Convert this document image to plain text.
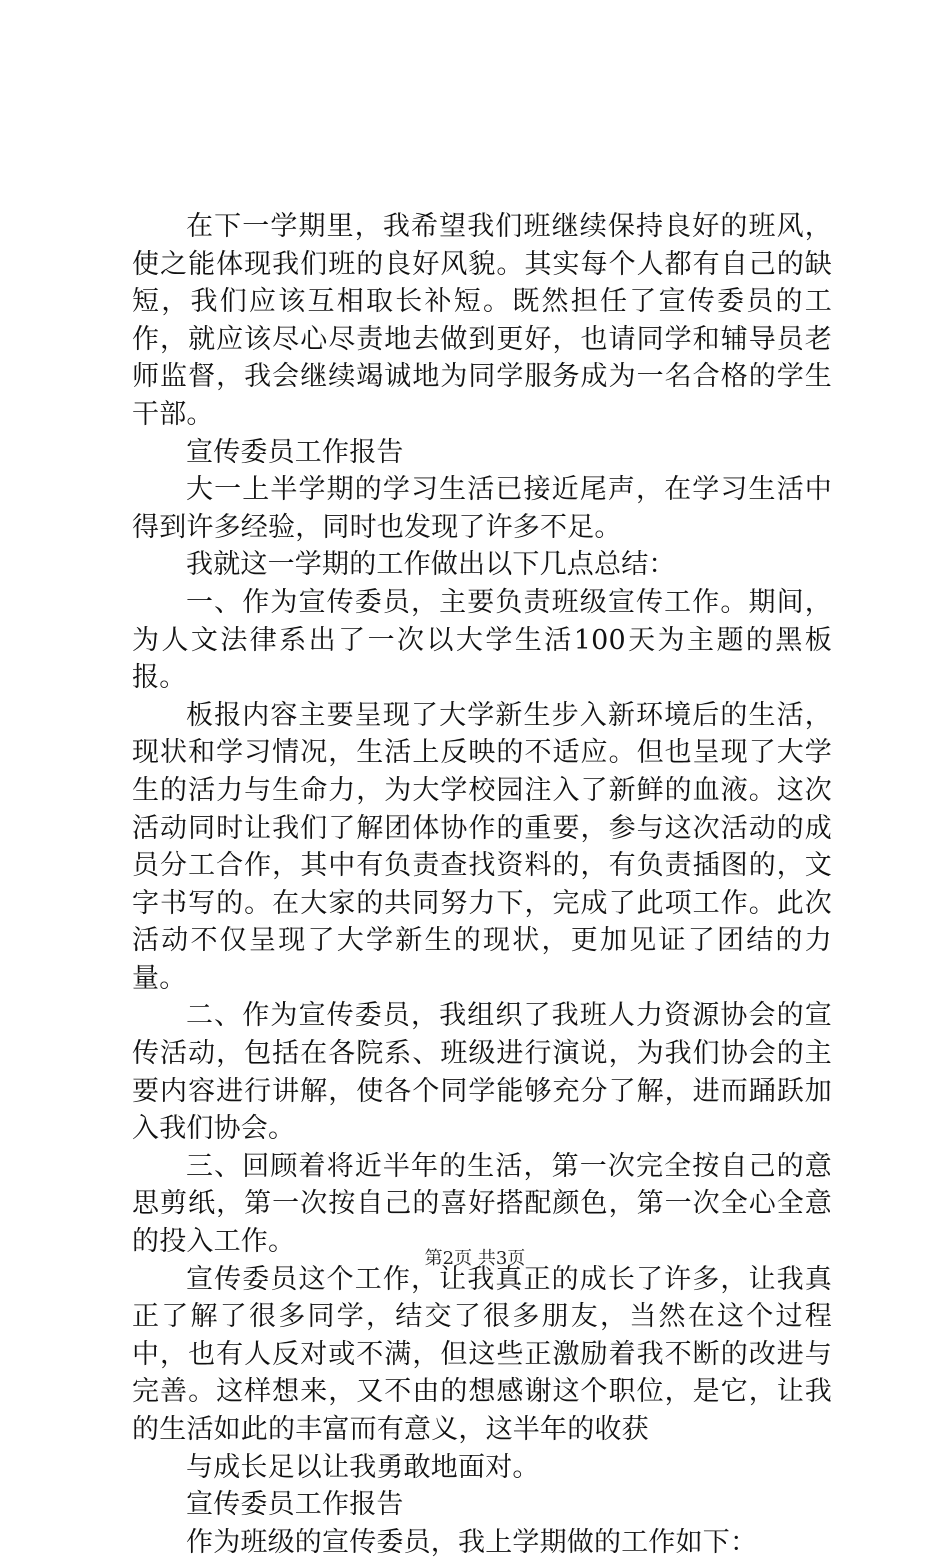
在下一学期里，我希望我们班继续保持良好的班风，使之能体现我们班的良好风貌。其实每个人都有自己的缺短，我们应该互相取长补短。既然担任了宣传委员的工作，就应该尽心尽责地去做到更好，也请同学和辅导员老师监督，我会继续竭诚地为同学服务成为一名合格的学生干部。

宣传委员工作报告

大一上半学期的学习生活已接近尾声，在学习生活中得到许多经验，同时也发现了许多不足。

我就这一学期的工作做出以下几点总结：

一、作为宣传委员，主要负责班级宣传工作。期间，为人文法律系出了一次以大学生活100天为主题的黑板报。

板报内容主要呈现了大学新生步入新环境后的生活，现状和学习情况，生活上反映的不适应。但也呈现了大学生的活力与生命力，为大学校园注入了新鲜的血液。这次活动同时让我们了解团体协作的重要，参与这次活动的成员分工合作，其中有负责查找资料的，有负责插图的，文字书写的。在大家的共同努力下，完成了此项工作。此次活动不仅呈现了大学新生的现状，更加见证了团结的力量。

二、作为宣传委员，我组织了我班人力资源协会的宣传活动，包括在各院系、班级进行演说，为我们协会的主要内容进行讲解，使各个同学能够充分了解，进而踊跃加入我们协会。

三、回顾着将近半年的生活，第一次完全按自己的意思剪纸，第一次按自己的喜好搭配颜色，第一次全心全意的投入工作。

宣传委员这个工作，让我真正的成长了许多，让我真正了解了很多同学，结交了很多朋友，当然在这个过程中，也有人反对或不满，但这些正激励着我不断的改进与完善。这样想来，又不由的想感谢这个职位，是它，让我的生活如此的丰富而有意义，这半年的收获

与成长足以让我勇敢地面对。

宣传委员工作报告

作为班级的宣传委员，我上学期做的工作如下：

第2页 共3页
